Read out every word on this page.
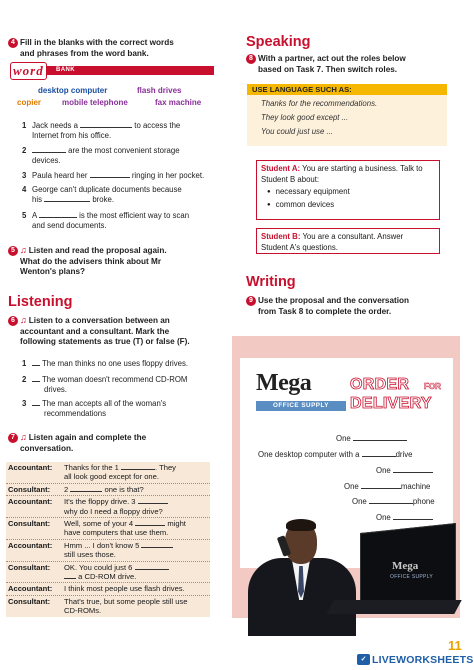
4 Fill in the blanks with the correct words
and phrases from the word bank.
word	BANK
desktop computer	flash drives
copier	mobile telephone	fax machine
1 Jack needs a	to access the
Internet from his office.
2	are the most convenient storage
devices.
3 Paula heard her	ringing in her pocket.
4 George can't duplicate documents because
his	broke.
5 A	is the most efficient way to scan
and send documents.
5 ♫ Listen and read the proposal again.
What do the advisers think about Mr
Wenton's plans?
Listening
6 ♫ Listen to a conversation between an
accountant and a consultant. Mark the
following statements as true (T) or false (F).
1 The man thinks no one uses floppy drives.
2 The woman doesn't recommend CD-ROM
drives.
3 The man accepts all of the woman's
recommendations
7 ♫ Listen again and complete the
conversation.
Accountant:	Thanks for the 1	. They
all look good except for one.
Consultant:	2	one is that?
Accountant:	It's the floppy drive. 3
why do I need a floppy drive?
Consultant:	Well, some of your 4	might
have computers that use them.
Accountant:	Hmm ... I don't know 5
still uses those.
Consultant:	OK. You could just 6
a CD-ROM drive.
Accountant:	I think most people use flash drives.
Consultant:	That's true, but some people still use
CD-ROMs.
Speaking
8 With a partner, act out the roles below
based on Task 7. Then switch roles.
USE LANGUAGE SUCH AS:
Thanks for the recommendations.
They look good except ...
You could just use ...
Student A: You are starting a business. Talk to
Student B about:
● necessary equipment
● common devices
Student B: You are a consultant. Answer
Student A's questions.
Writing
9 Use the proposal and the conversation
from Task 8 to complete the order.
Mega
OFFICE SUPPLY
ORDER FOR
DELIVERY
One
One desktop computer with a	drive
One
One	machine
One	phone
One
Mega
OFFICE SUPPLY
11
✓ LIVEWORKSHEETS
